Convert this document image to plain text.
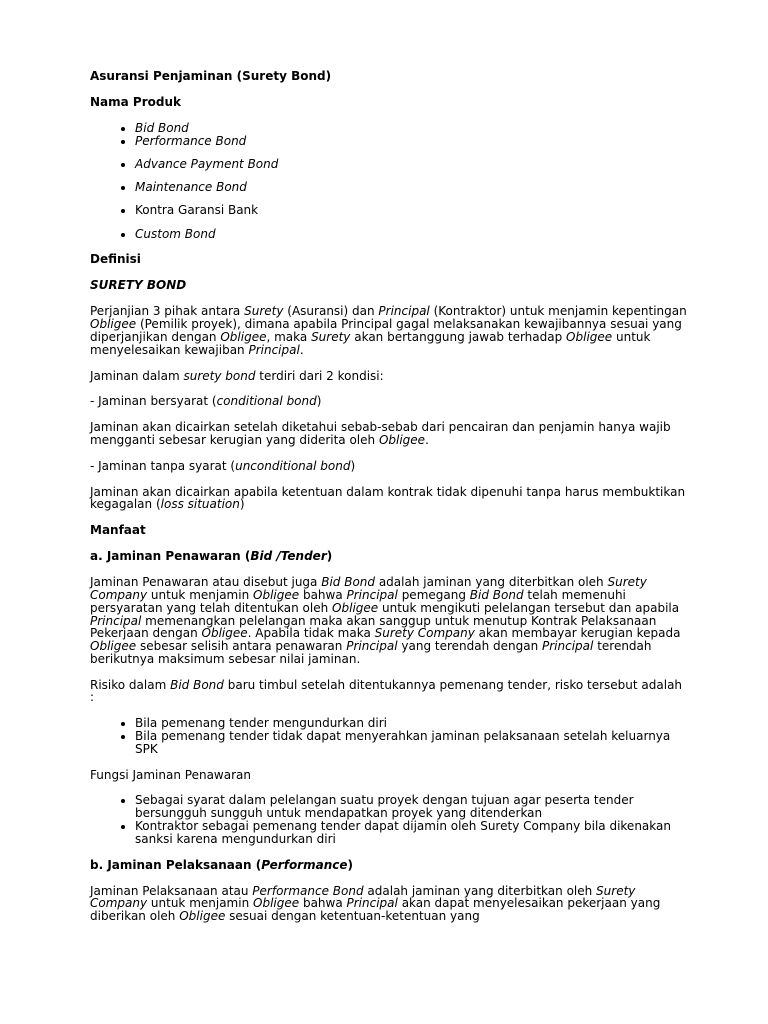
Asuransi Penjaminan (Surety Bond)
Nama Produk
• Bid Bond
• Performance Bond
• Advance Payment Bond
• Maintenance Bond
• Kontra Garansi Bank
• Custom Bond
Definisi
SURETY BOND

Perjanjian 3 pihak antara Surety (Asuransi) dan Principal (Kontraktor) untuk menjamin kepentingan Obligee (Pemilik proyek), dimana apabila Principal gagal melaksanakan kewajibannya sesuai yang diperjanjikan dengan Obligee, maka Surety akan bertanggung jawab terhadap Obligee untuk menyelesaikan kewajiban Principal.

Jaminan dalam surety bond terdiri dari 2 kondisi:

- Jaminan bersyarat (conditional bond)

Jaminan akan dicairkan setelah diketahui sebab-sebab dari pencairan dan penjamin hanya wajib mengganti sebesar kerugian yang diderita oleh Obligee.

- Jaminan tanpa syarat (unconditional bond)

Jaminan akan dicairkan apabila ketentuan dalam kontrak tidak dipenuhi tanpa harus membuktikan kegagalan (loss situation)

Manfaat
a. Jaminan Penawaran (Bid /Tender)

Jaminan Penawaran atau disebut juga Bid Bond adalah jaminan yang diterbitkan oleh Surety Company untuk menjamin Obligee bahwa Principal pemegang Bid Bond telah memenuhi persyaratan yang telah ditentukan oleh Obligee untuk mengikuti pelelangan tersebut dan apabila Principal memenangkan pelelangan maka akan sanggup untuk menutup Kontrak Pelaksanaan Pekerjaan dengan Obligee. Apabila tidak maka Surety Company akan membayar kerugian kepada Obligee sebesar selisih antara penawaran Principal yang terendah dengan Principal terendah berikutnya maksimum sebesar nilai jaminan.

Risiko dalam Bid Bond baru timbul setelah ditentukannya pemenang tender, risko tersebut adalah :

• Bila pemenang tender mengundurkan diri
• Bila pemenang tender tidak dapat menyerahkan jaminan pelaksanaan setelah keluarnya SPK

Fungsi Jaminan Penawaran

• Sebagai syarat dalam pelelangan suatu proyek dengan tujuan agar peserta tender bersungguh sungguh untuk mendapatkan proyek yang ditenderkan
• Kontraktor sebagai pemenang tender dapat dijamin oleh Surety Company bila dikenakan sanksi karena mengundurkan diri
b. Jaminan Pelaksanaan (Performance)

Jaminan Pelaksanaan atau Performance Bond adalah jaminan yang diterbitkan oleh Surety Company untuk menjamin Obligee bahwa Principal akan dapat menyelesaikan pekerjaan yang diberikan oleh Obligee sesuai dengan ketentuan-ketentuan yang
